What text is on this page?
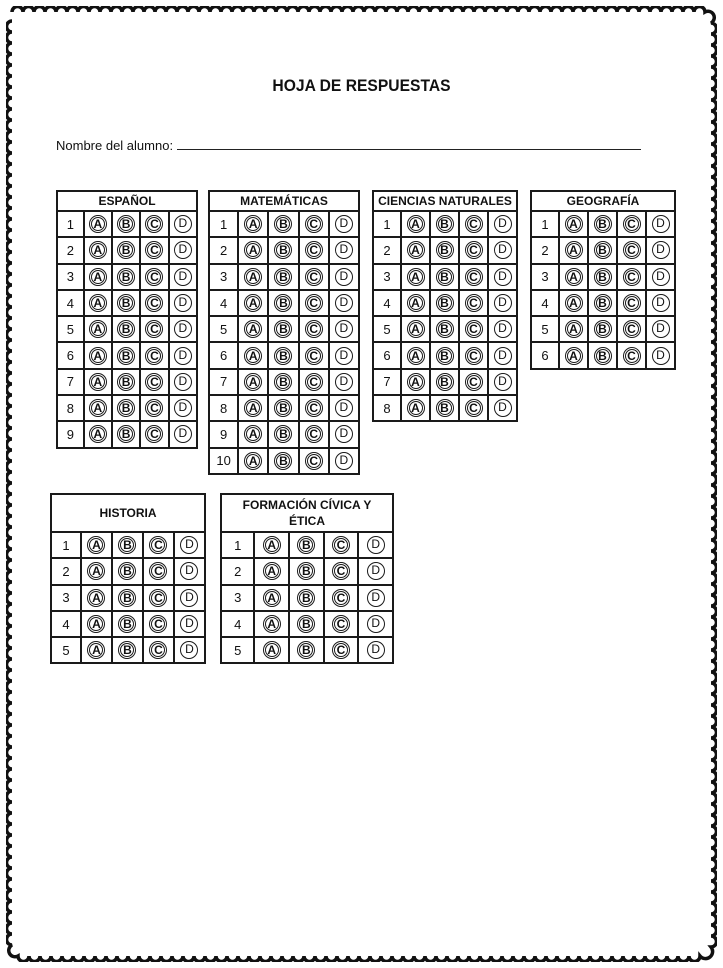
HOJA DE RESPUESTAS
Nombre del alumno:
ESPAÑOL				
1	A	B	C	D
2	A	B	C	D
3	A	B	C	D
4	A	B	C	D
5	A	B	C	D
6	A	B	C	D
7	A	B	C	D
8	A	B	C	D
9	A	B	C	D
MATEMÁTICAS				
1	A	B	C	D
2	A	B	C	D
3	A	B	C	D
4	A	B	C	D
5	A	B	C	D
6	A	B	C	D
7	A	B	C	D
8	A	B	C	D
9	A	B	C	D
10	A	B	C	D
CIENCIAS NATURALES				
1	A	B	C	D
2	A	B	C	D
3	A	B	C	D
4	A	B	C	D
5	A	B	C	D
6	A	B	C	D
7	A	B	C	D
8	A	B	C	D
GEOGRAFÍA				
1	A	B	C	D
2	A	B	C	D
3	A	B	C	D
4	A	B	C	D
5	A	B	C	D
6	A	B	C	D
HISTORIA				
1	A	B	C	D
2	A	B	C	D
3	A	B	C	D
4	A	B	C	D
5	A	B	C	D
FORMACIÓN CÍVICA Y ÉTICA				
1	A	B	C	D
2	A	B	C	D
3	A	B	C	D
4	A	B	C	D
5	A	B	C	D
